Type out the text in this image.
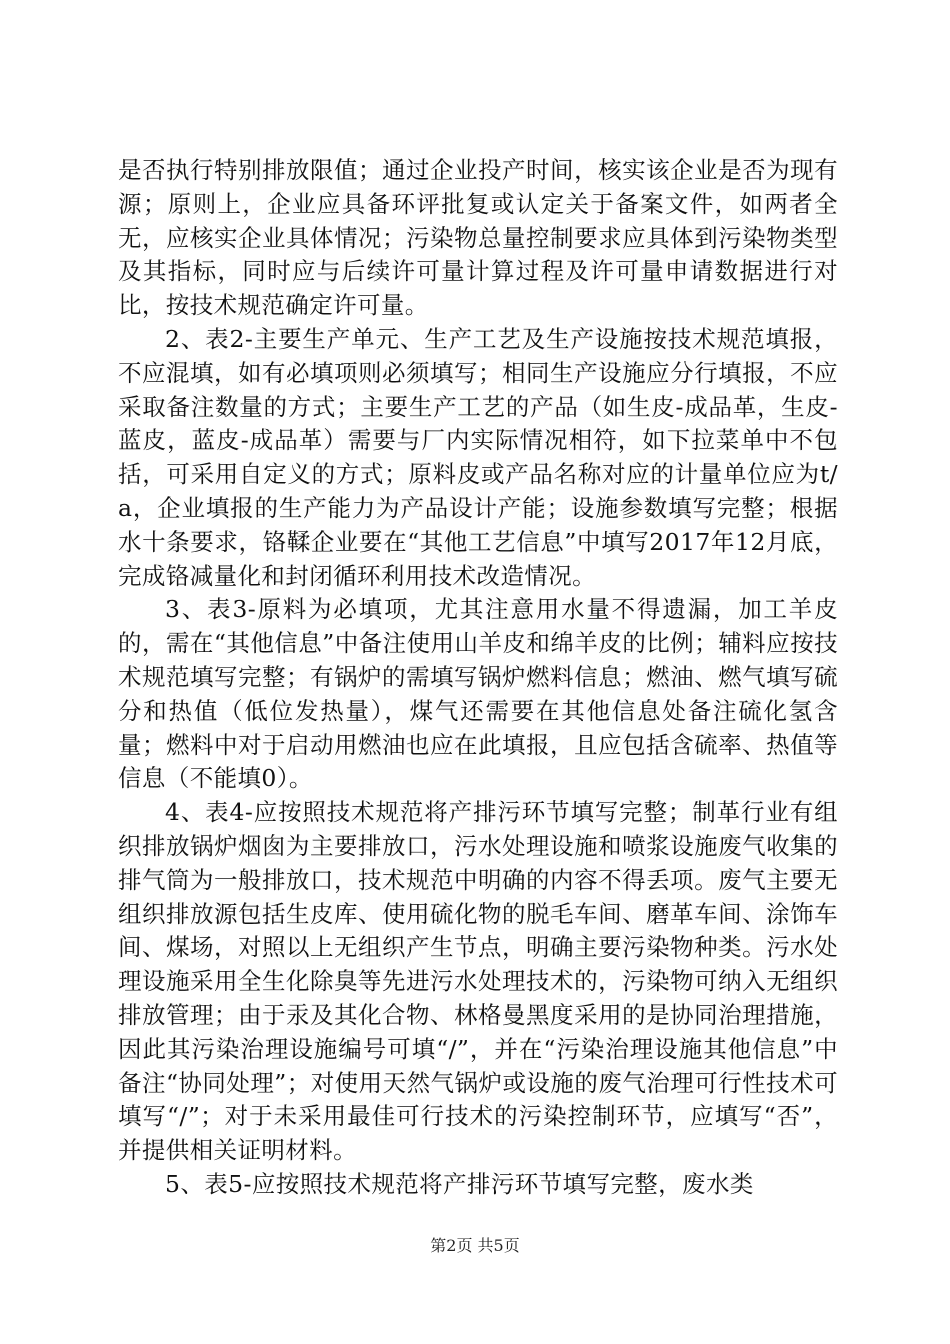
是否执行特别排放限值；通过企业投产时间，核实该企业是否为现有源；原则上，企业应具备环评批复或认定关于备案文件，如两者全无，应核实企业具体情况；污染物总量控制要求应具体到污染物类型及其指标，同时应与后续许可量计算过程及许可量申请数据进行对比，按技术规范确定许可量。

2、表2-主要生产单元、生产工艺及生产设施按技术规范填报，不应混填，如有必填项则必须填写；相同生产设施应分行填报，不应采取备注数量的方式；主要生产工艺的产品（如生皮-成品革，生皮-蓝皮，蓝皮-成品革）需要与厂内实际情况相符，如下拉菜单中不包括，可采用自定义的方式；原料皮或产品名称对应的计量单位应为t/a，企业填报的生产能力为产品设计产能；设施参数填写完整；根据水十条要求，铬鞣企业要在“其他工艺信息”中填写2017年12月底，完成铬减量化和封闭循环利用技术改造情况。

3、表3-原料为必填项，尤其注意用水量不得遗漏，加工羊皮的，需在“其他信息”中备注使用山羊皮和绵羊皮的比例；辅料应按技术规范填写完整；有锅炉的需填写锅炉燃料信息；燃油、燃气填写硫分和热值（低位发热量），煤气还需要在其他信息处备注硫化氢含量；燃料中对于启动用燃油也应在此填报，且应包括含硫率、热值等信息（不能填0）。

4、表4-应按照技术规范将产排污环节填写完整；制革行业有组织排放锅炉烟囱为主要排放口，污水处理设施和喷浆设施废气收集的排气筒为一般排放口，技术规范中明确的内容不得丢项。废气主要无组织排放源包括生皮库、使用硫化物的脱毛车间、磨革车间、涂饰车间、煤场，对照以上无组织产生节点，明确主要污染物种类。污水处理设施采用全生化除臭等先进污水处理技术的，污染物可纳入无组织排放管理；由于汞及其化合物、林格曼黑度采用的是协同治理措施，因此其污染治理设施编号可填“/”，并在“污染治理设施其他信息”中备注“协同处理”；对使用天然气锅炉或设施的废气治理可行性技术可填写“/”；对于未采用最佳可行技术的污染控制环节，应填写“否”，并提供相关证明材料。

5、表5-应按照技术规范将产排污环节填写完整，废水类

第2页 共5页
